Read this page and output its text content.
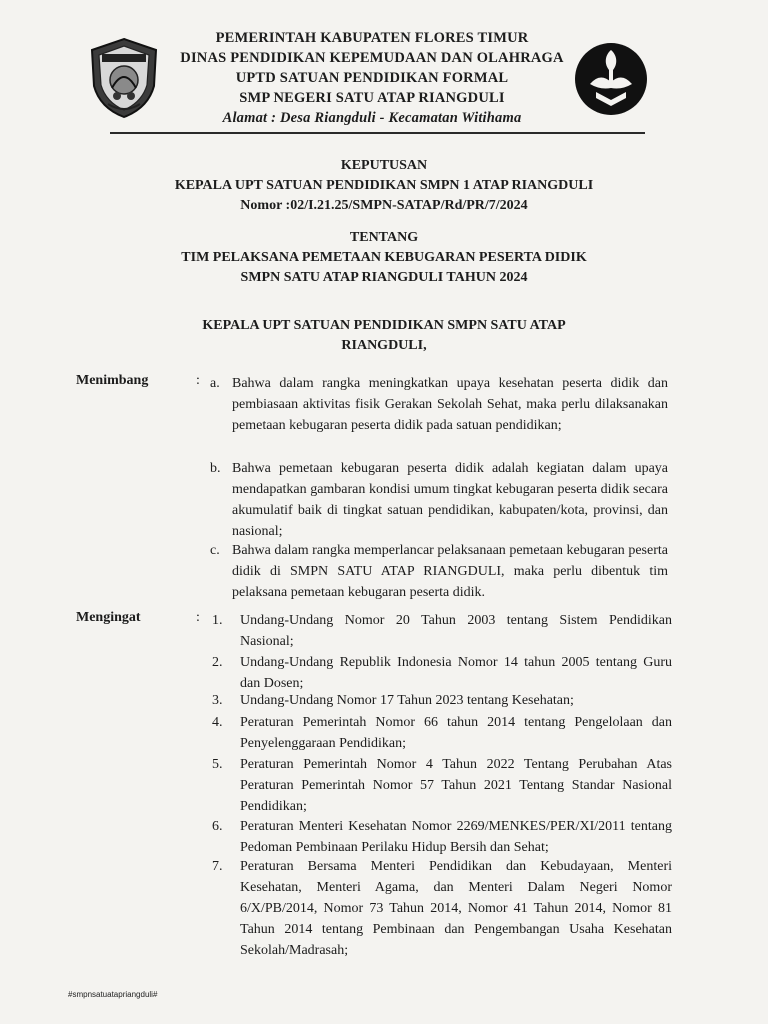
PEMERINTAH KABUPATEN FLORES TIMUR
DINAS PENDIDIKAN KEPEMUDAAN DAN OLAHRAGA
UPTD SATUAN PENDIDIKAN FORMAL
SMP NEGERI SATU ATAP RIANGDULI
Alamat : Desa Riangduli - Kecamatan Witihama
KEPUTUSAN
KEPALA UPT SATUAN PENDIDIKAN SMPN 1 ATAP RIANGDULI
Nomor :02/I.21.25/SMPN-SATAP/Rd/PR/7/2024
TENTANG
TIM PELAKSANA PEMETAAN KEBUGARAN PESERTA DIDIK
SMPN SATU ATAP RIANGDULI TAHUN 2024
KEPALA UPT SATUAN PENDIDIKAN SMPN SATU ATAP
RIANGDULI,
Menimbang	: a. Bahwa dalam rangka meningkatkan upaya kesehatan peserta didik dan pembiasaan aktivitas fisik Gerakan Sekolah Sehat, maka perlu dilaksanakan pemetaan kebugaran peserta didik pada satuan pendidikan;
b. Bahwa pemetaan kebugaran peserta didik adalah kegiatan dalam upaya mendapatkan gambaran kondisi umum tingkat kebugaran peserta didik secara akumulatif baik di tingkat satuan pendidikan, kabupaten/kota, provinsi, dan nasional;
c. Bahwa dalam rangka memperlancar pelaksanaan pemetaan kebugaran peserta didik di SMPN SATU ATAP RIANGDULI, maka perlu dibentuk tim pelaksana pemetaan kebugaran peserta didik.
Mengingat	: 1. Undang-Undang Nomor 20 Tahun 2003 tentang Sistem Pendidikan Nasional;
2. Undang-Undang Republik Indonesia Nomor 14 tahun 2005 tentang Guru dan Dosen;
3. Undang-Undang Nomor 17 Tahun 2023 tentang Kesehatan;
4. Peraturan Pemerintah Nomor 66 tahun 2014 tentang Pengelolaan dan Penyelenggaraan Pendidikan;
5. Peraturan Pemerintah Nomor 4 Tahun 2022 Tentang Perubahan Atas Peraturan Pemerintah Nomor 57 Tahun 2021 Tentang Standar Nasional Pendidikan;
6. Peraturan Menteri Kesehatan Nomor 2269/MENKES/PER/XI/2011 tentang Pedoman Pembinaan Perilaku Hidup Bersih dan Sehat;
7. Peraturan Bersama Menteri Pendidikan dan Kebudayaan, Menteri Kesehatan, Menteri Agama, dan Menteri Dalam Negeri Nomor 6/X/PB/2014, Nomor 73 Tahun 2014, Nomor 41 Tahun 2014, Nomor 81 Tahun 2014 tentang Pembinaan dan Pengembangan Usaha Kesehatan Sekolah/Madrasah;
#smpnsatuatapriangduli#
